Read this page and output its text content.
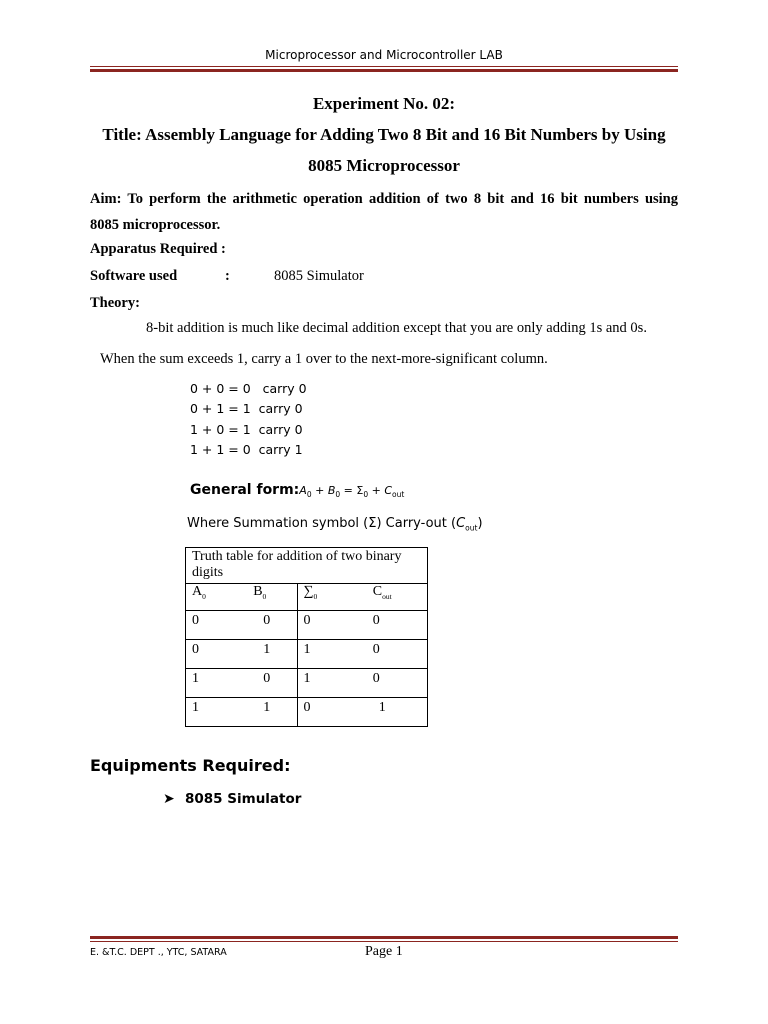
Microprocessor and Microcontroller LAB
Experiment No. 02:
Title: Assembly Language for Adding Two 8 Bit and 16 Bit Numbers by Using
8085 Microprocessor
Aim: To perform the arithmetic operation addition of two 8 bit and 16 bit numbers using
8085 microprocessor.
Apparatus Required :
Software used	:	8085 Simulator
Theory:
8-bit addition is much like decimal addition except that you are only adding 1s and 0s.
When the sum exceeds 1, carry a 1 over to the next-more-significant column.
0 + 0 = 0   carry 0
0 + 1 = 1  carry 0
1 + 0 = 1  carry 0
1 + 1 = 0  carry 1
General $form:A_0 + B_0 = \Sigma_0 + C_{out}$
Where Summation symbol (Σ) Carry-out $(C_{out})$
Truth table for addition of two binary digits			
$A_0$	$B_0$	$\sum_0$	$C_{out}$
0	0	0	0
0	1	1	0
1	0	1	0
1	1	0	1
Equipments Required:
➤ 8085 Simulator
E. &T.C. DEPT ., YTC, SATARA	Page 1
